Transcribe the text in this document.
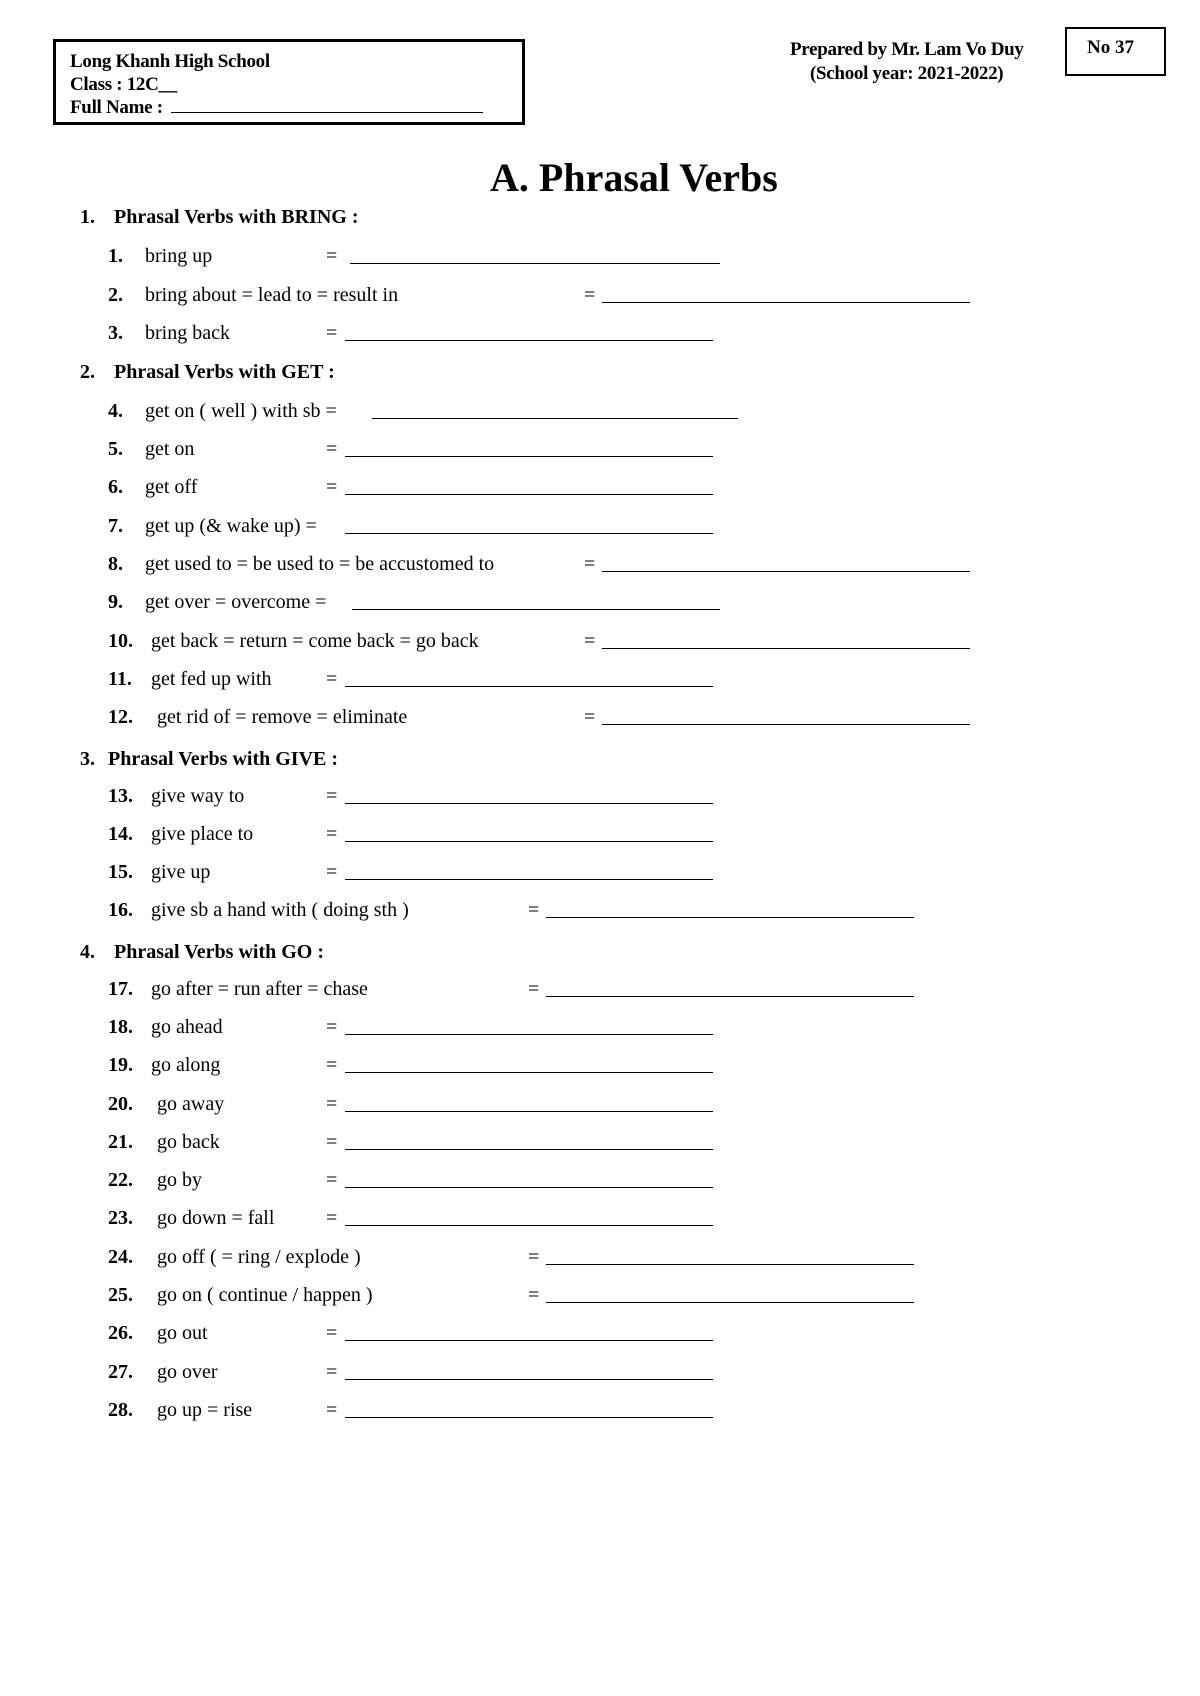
Long Khanh High School
Class : 12C__
Full Name :
Prepared by Mr. Lam Vo Duy
(School year: 2021-2022)
No 37
A. Phrasal Verbs
1. Phrasal Verbs with BRING :
1. bring up	=
2. bring about = lead to = result in	=
3. bring back	=
2. Phrasal Verbs with GET :
4. get on ( well ) with sb =
5. get on	=
6. get off	=
7. get up (& wake up) =
8. get used to = be used to = be accustomed to	=
9. get over = overcome =
10. get back = return = come back = go back	=
11. get fed up with	=
12. get rid of = remove = eliminate	=
3. Phrasal Verbs with GIVE :
13. give way to	=
14. give place to	=
15. give up	=
16. give sb a hand with ( doing sth )	=
4. Phrasal Verbs with GO :
17. go after = run after = chase	=
18. go ahead	=
19. go along	=
20. go away	=
21. go back	=
22. go by	=
23. go down = fall	=
24. go off ( = ring / explode )	=
25. go on ( continue / happen )	=
26. go out	=
27. go over	=
28. go up = rise	=
